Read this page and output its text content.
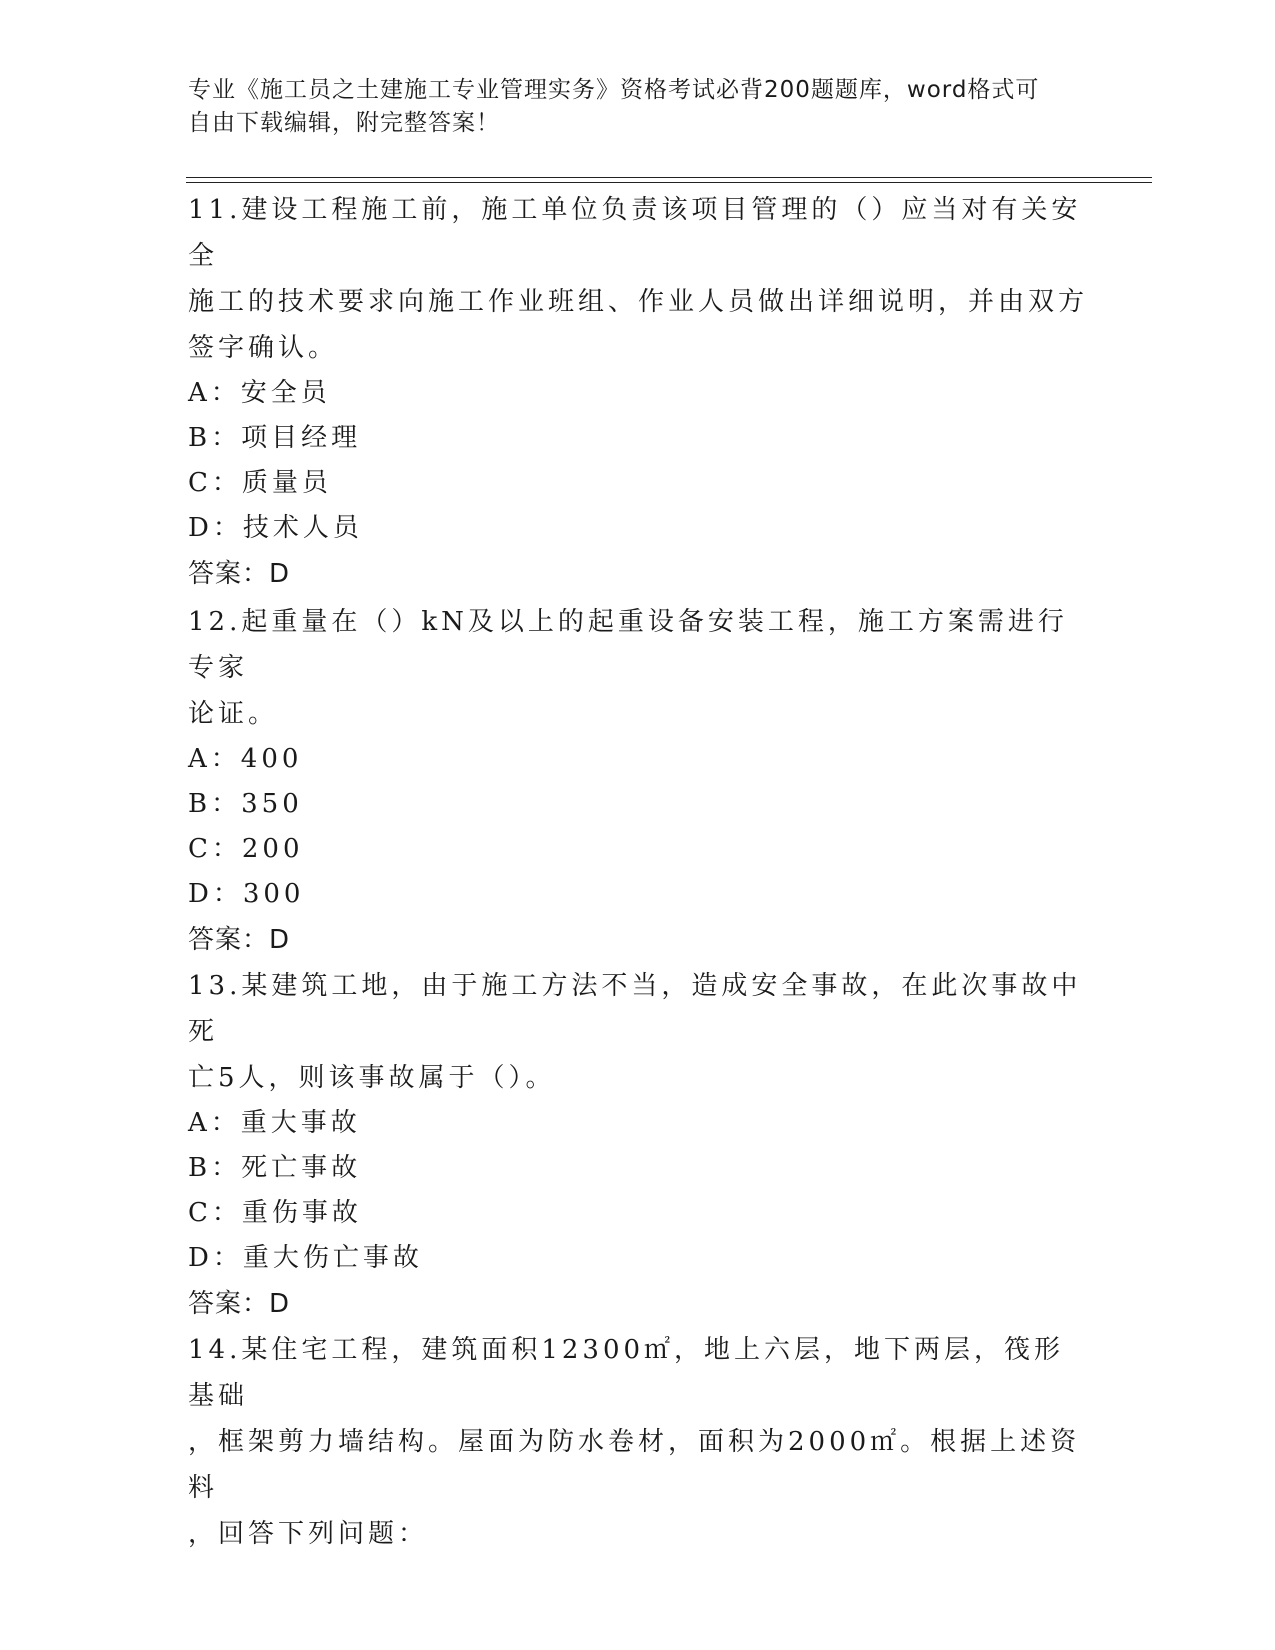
专业《施工员之土建施工专业管理实务》资格考试必背200题题库，word格式可
自由下载编辑，附完整答案！
11.建设工程施工前，施工单位负责该项目管理的（）应当对有关安全
施工的技术要求向施工作业班组、作业人员做出详细说明，并由双方
签字确认。
A：安全员
B：项目经理
C：质量员
D：技术人员
答案：D
12.起重量在（）kN及以上的起重设备安装工程，施工方案需进行专家
论证。
A：400
B：350
C：200
D：300
答案：D
13.某建筑工地，由于施工方法不当，造成安全事故，在此次事故中死
亡5人，则该事故属于（）。
A：重大事故
B：死亡事故
C：重伤事故
D：重大伤亡事故
答案：D
14.某住宅工程，建筑面积12300㎡，地上六层，地下两层，筏形基础
，框架剪力墙结构。屋面为防水卷材，面积为2000㎡。根据上述资料
，回答下列问题：
